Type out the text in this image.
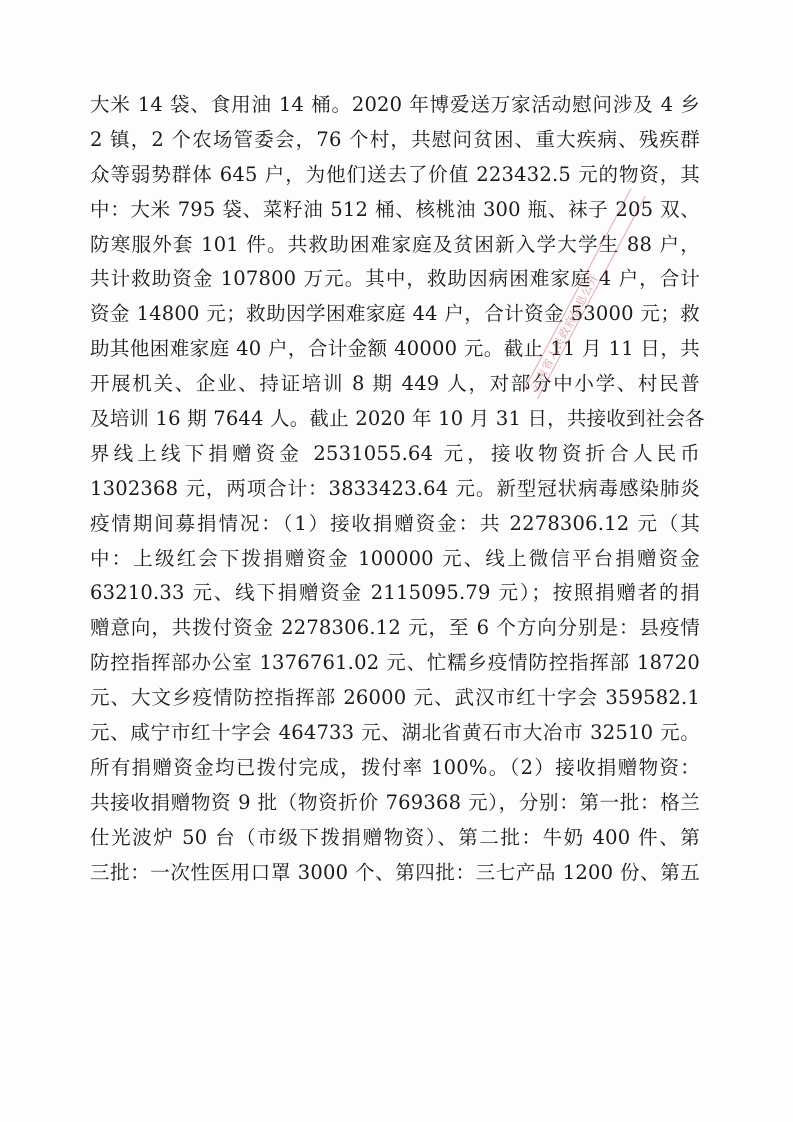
大米 14 袋、食用油 14 桶。2020 年博爱送万家活动慰问涉及 4 乡
2 镇，2 个农场管委会，76 个村，共慰问贫困、重大疾病、残疾群
众等弱势群体 645 户，为他们送去了价值 223432.5 元的物资，其
中：大米 795 袋、菜籽油 512 桶、核桃油 300 瓶、袜子 205 双、
防寒服外套 101 件。共救助困难家庭及贫困新入学大学生 88 户，
共计救助资金 107800 万元。其中，救助因病困难家庭 4 户，合计
资金 14800 元；救助因学困难家庭 44 户，合计资金 53000 元；救
助其他困难家庭 40 户，合计金额 40000 元。截止 11 月 11 日，共
开展机关、企业、持证培训 8 期 449 人，对部分中小学、村民普
及培训 16 期 7644 人。截止 2020 年 10 月 31 日，共接收到社会各
界线上线下捐赠资金 2531055.64 元，接收物资折合人民币
1302368 元，两项合计：3833423.64 元。新型冠状病毒感染肺炎
疫情期间募捐情况：（1）接收捐赠资金：共 2278306.12 元（其
中：上级红会下拨捐赠资金 100000 元、线上微信平台捐赠资金
63210.33 元、线下捐赠资金 2115095.79 元）；按照捐赠者的捐
赠意向，共拨付资金 2278306.12 元，至 6 个方向分别是：县疫情
防控指挥部办公室 1376761.02 元、忙糯乡疫情防控指挥部 18720
元、大文乡疫情防控指挥部 26000 元、武汉市红十字会 359582.1
元、咸宁市红十字会 464733 元、湖北省黄石市大冶市 32510 元。
所有捐赠资金均已拨付完成，拨付率 100%。（2）接收捐赠物资：
共接收捐赠物资 9 批（物资折价 769368 元），分别：第一批：格兰
仕光波炉 50 台（市级下拨捐赠物资）、第二批：牛奶 400 件、第
三批：一次性医用口罩 3000 个、第四批：三七产品 1200 份、第五
云南省人民政府信息公开
